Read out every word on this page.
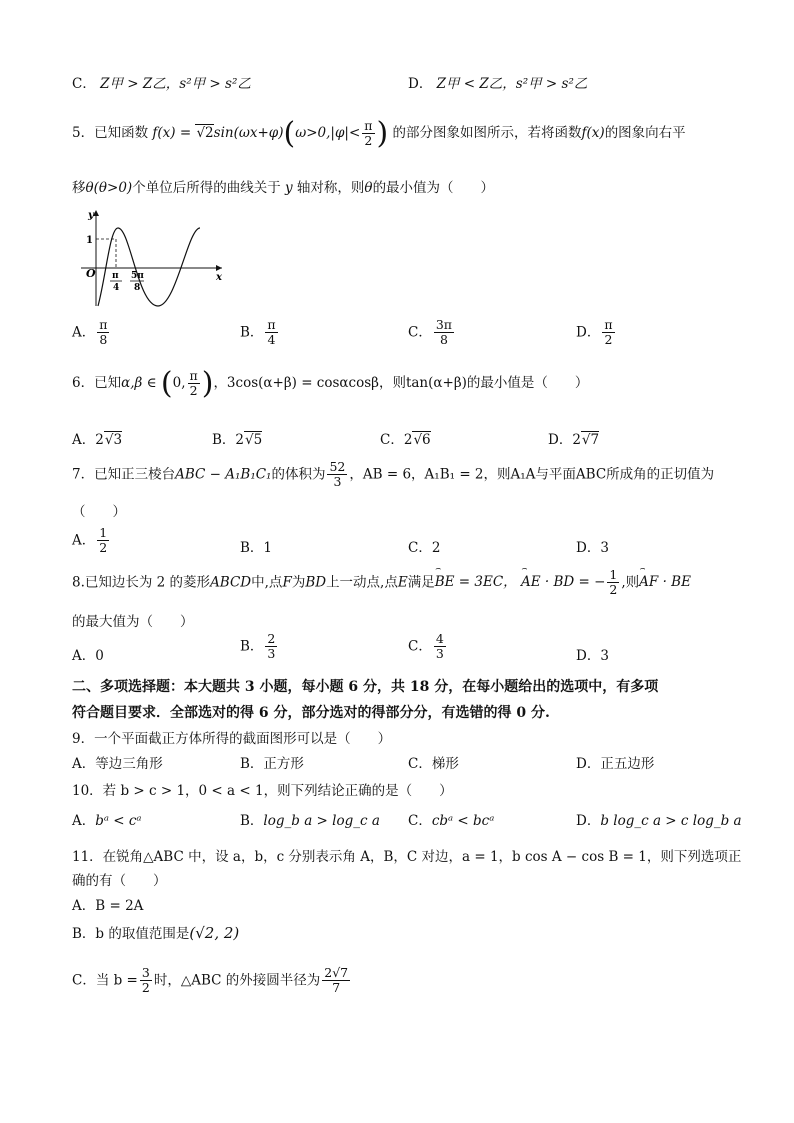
C． Z甲 > Z乙，s²甲 > s²乙	D． Z甲 < Z乙，s²甲 > s²乙
5．已知函数 $f(x) = √2\sin(\omega x+\varphi)(\omega>0,|\varphi|< \frac{\pi}{2}$ ) 的部分图象如图所示，若将函数f(x)的图象向右平
移θ(θ>0)个单位后所得的曲线关于 y 轴对称，则θ的最小值为（　　）
y
x
O
1
π
4
5π
8
A． $\frac{\pi}{8}$	B． $\frac{\pi}{4}$	C． $\frac{3\pi}{8}$	D． $\frac{\pi}{2}$
6．已知α,β ∈ (0, $\frac{\pi}{2}$ )，3cos(α+β) = cosαcosβ，则tan(α+β)的最小值是（　　）
A．2√3	B．2√5	C．2√6	D．2√7
7．已知正三棱台ABC − A₁B₁C₁的体积为 $\frac{52}{3}$ ，AB = 6，A₁B₁ = 2，则A₁A与平面ABC所成角的正切值为
（　　）
A． $\frac{1}{2}$	B．1	C．2	D．3
8.已知边长为 2 的菱形ABCD中,点F为BD上一动点,点E满足⌢ BE = 3EC， ⌢ AE · BD = − $\frac{1}{2}$ ,则⌢ AF · BE
的最大值为（　　）
A．0
B． $\frac{2}{3}$	C． $\frac{4}{3}$	D．3
二、多项选择题：本大题共 3 小题，每小题 6 分，共 18 分，在每小题给出的选项中，有多项
符合题目要求．全部选对的得 6 分，部分选对的得部分分，有选错的得 0 分.
9．一个平面截正方体所得的截面图形可以是（　　）
A．等边三角形	B．正方形	C．梯形	D．正五边形
10．若 b > c > 1，0 < a < 1，则下列结论正确的是（　　）
A．bᵃ < cᵃ	B．log_b a > log_c a C．cbᵃ < bcᵃ	D．b log_c a > c log_b a
11．在锐角△ABC 中，设 a，b，c 分别表示角 A，B，C 对边，a = 1，b cos A − cos B = 1，则下列选项正
确的有（　　）
A．B = 2A
B．b 的取值范围是(√2, 2)
C．当 $b = \frac{3}{2}$ 时，△ABC 的外接圆半径为 $\frac{2√7}{7}$
